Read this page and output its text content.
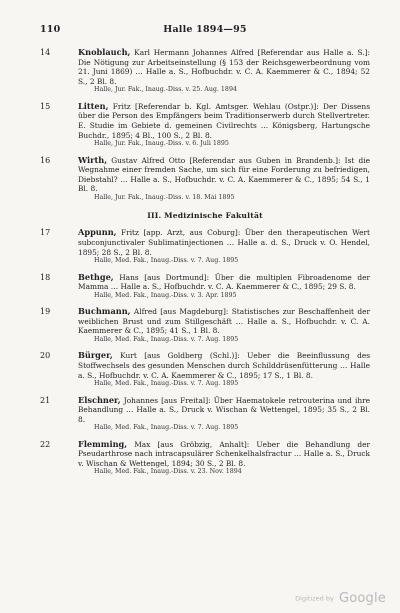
110	Halle 1894—95
14	Knoblauch, Karl Hermann Johannes Alfred [Referendar aus Halle a. S.]: Die Nötigung zur Arbeitseinstellung (§ 153 der Reichsgewerbeordnung vom 21. Juni 1869) … Halle a. S., Hofbuchdr. v. C. A. Kaemmerer & C., 1894; 52 S., 2 Bl. 8.
Halle, Jur. Fak., Inaug.-Diss. v. 25. Aug. 1894
15	Litten, Fritz [Referendar b. Kgl. Amtsger. Wehlau (Ostpr.)]: Der Dissens über die Person des Empfängers beim Traditionserwerb durch Stellvertreter. E. Studie im Gebiete d. gemeinen Civilrechts … Königsberg, Hartungsche Buchdr., 1895; 4 Bl., 100 S., 2 Bl. 8.
Halle, Jur. Fak., Inaug.-Diss. v. 6. Juli 1895
16	Wirth, Gustav Alfred Otto [Referendar aus Guben in Brandenb.]: Ist die Wegnahme einer fremden Sache, um sich für eine Forderung zu befriedigen, Diebstahl? … Halle a. S., Hofbuchdr. v. C. A. Kaemmerer & C., 1895; 54 S., 1 Bl. 8.
Halle, Jur. Fak., Inaug.-Diss. v. 18. Mai 1895
III. Medizinische Fakultät
17	Appunn, Fritz [app. Arzt, aus Coburg]: Über den therapeutischen Wert subconjunctivaler Sublimatinjectionen … Halle a. d. S., Druck v. O. Hendel, 1895; 28 S., 2 Bl. 8.
Halle, Med. Fak., Inaug.-Diss. v. 7. Aug. 1895
18	Bethge, Hans [aus Dortmund]: Über die multiplen Fibroadenome der Mamma … Halle a. S., Hofbuchdr. v. C. A. Kaemmerer & C., 1895; 29 S. 8.
Halle, Med. Fak., Inaug.-Diss. v. 3. Apr. 1895
19	Buchmann, Alfred [aus Magdeburg]: Statistisches zur Beschaffenheit der weiblichen Brust und zum Stillgeschäft … Halle a. S., Hofbuchdr. v. C. A. Kaemmerer & C., 1895; 41 S., 1 Bl. 8.
Halle, Med. Fak., Inaug.-Diss. v. 7. Aug. 1895
20	Bürger, Kurt [aus Goldberg (Schl.)]: Ueber die Beeinflussung des Stoffwechsels des gesunden Menschen durch Schilddrüsenfütterung … Halle a. S., Hofbuchdr. v. C. A. Kaemmerer & C., 1895; 17 S., 1 Bl. 8.
Halle, Med. Fak., Inaug.-Diss. v. 7. Aug. 1895
21	Elschner, Johannes [aus Freital]: Über Haematokele retrouterina und ihre Behandlung … Halle a. S., Druck v. Wischan & Wettengel, 1895; 35 S., 2 Bl. 8.
Halle, Med. Fak., Inaug.-Diss. v. 7. Aug. 1895
22	Flemming, Max [aus Gröbzig, Anhalt]: Ueber die Behandlung der Pseudarthrose nach intracapsulärer Schenkelhalsfractur … Halle a. S., Druck v. Wischan & Wettengel, 1894; 30 S., 2 Bl. 8.
Halle, Med. Fak., Inaug.-Diss. v. 23. Nov. 1894
Digitized by Google
